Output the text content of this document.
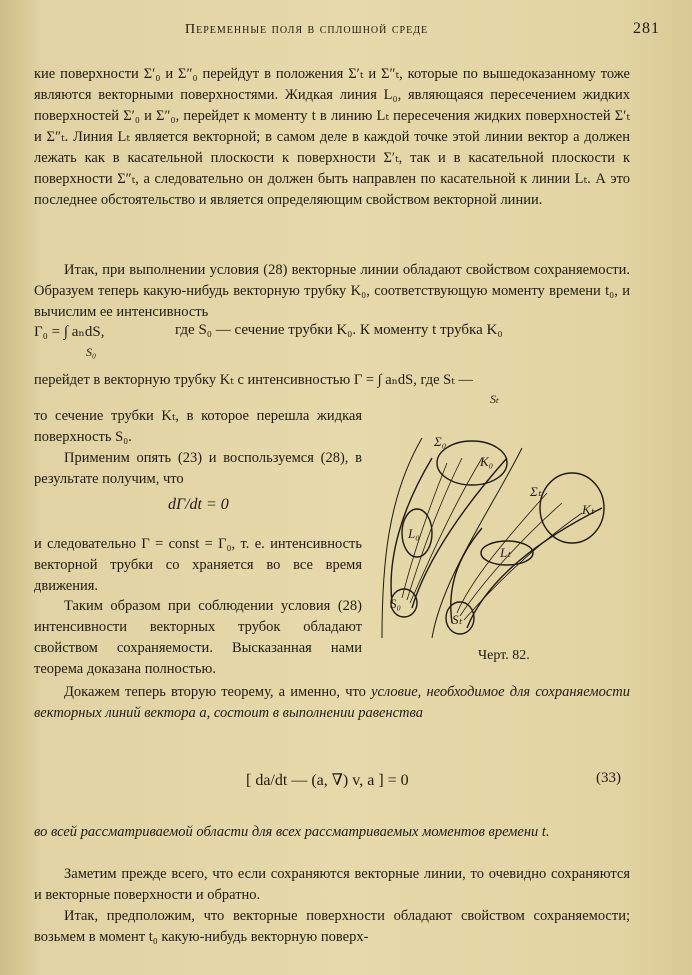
Переменные поля в сплошной среде	281

кие поверхности Σ′₀ и Σ″₀ перейдут в положения Σ′ₜ и Σ″ₜ, которые по вышедоказанному тоже являются векторными поверхностями. Жидкая линия L₀, являющаяся пересечением жидких поверхностей Σ′₀ и Σ″₀, перейдет к моменту t в линию Lₜ пересечения жидких поверхностей Σ′ₜ и Σ″ₜ. Линия Lₜ является векторной; в самом деле в каждой точке этой линии вектор a должен лежать как в касательной плоскости к поверхности Σ′ₜ, так и в касательной плоскости к поверхности Σ″ₜ, а следовательно он должен быть направлен по касательной к линии Lₜ. А это последнее обстоятельство и является определяющим свойством векторной линии.

Итак, при выполнении условия (28) векторные линии обладают свойством сохраняемости. Образуем теперь какую-нибудь векторную трубку K₀, соответствующую моменту времени t₀, и вычислим ее интенсивность

Γ₀ = ∫ aₙdS,
S₀
где S₀ — сечение трубки K₀. К моменту t трубка K₀

перейдет в векторную трубку Kₜ с интенсивностью Γ = ∫ aₙdS, где Sₜ —

Sₜ

то сечение трубки Kₜ, в которое перешла жидкая поверхность S₀.

Применим опять (23) и воспользуемся (28), в результате получим, что

dΓ/dt = 0

и следовательно Γ = const = Γ₀, т. е. интенсивность векторной трубки со храняется во все время движения.

Таким образом при соблюдении условия (28) интенсивности векторных трубок обладают свойством сохраняемости. Высказанная нами теорема доказана полностью.

Σ₀
K₀
L₀
S₀
Σₜ
Kₜ
Lₜ
Sₜ
Черт. 82.

Докажем теперь вторую теорему, а именно, что условие, необходимое для сохраняемости векторных линий вектора a, состоит в выполнении равенства

[ da/dt — (a, ∇) v, a ] = 0	(33)

во всей рассматриваемой области для всех рассматриваемых моментов времени t.

Заметим прежде всего, что если сохраняются векторные линии, то очевидно сохраняются и векторные поверхности и обратно.

Итак, предположим, что векторные поверхности обладают свойством сохраняемости; возьмем в момент t₀ какую-нибудь векторную поверх-
